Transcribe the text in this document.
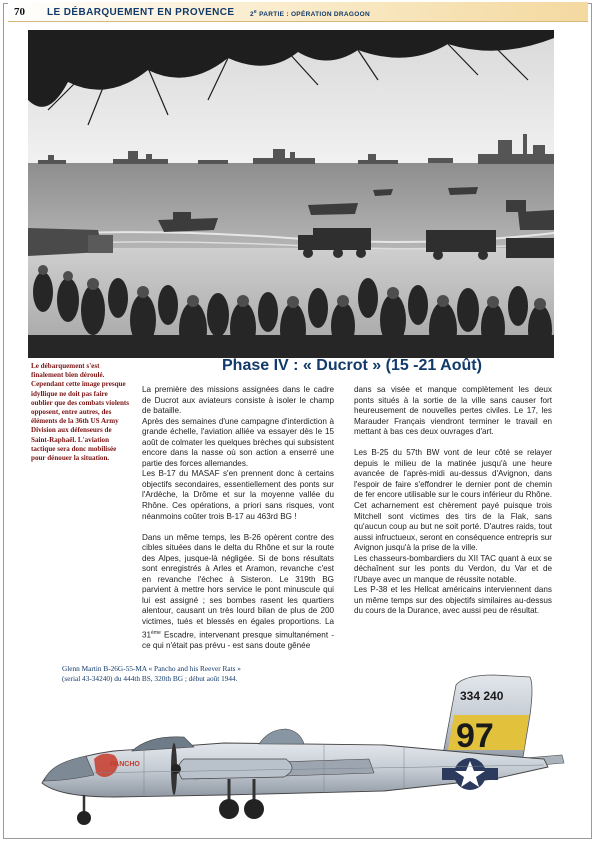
70 LE DÉBARQUEMENT EN PROVENCE 2e PARTIE : OPÉRATION DRAGOON
Le débarquement s'est finalement bien déroulé. Cependant cette image presque idyllique ne doit pas faire oublier que des combats violents opposent, entre autres, des éléments de la 36th US Army Division aux défenseurs de Saint-Raphaël. L'aviation tactique sera donc mobilisée pour dénouer la situation.
Phase IV : « Ducrot » (15 -21 Août)

La première des missions assignées dans le cadre de Ducrot aux aviateurs consiste à isoler le champ de bataille.

Après des semaines d'une campagne d'interdiction à grande échelle, l'aviation alliée va essayer dès le 15 août de colmater les quelques brèches qui subsistent encore dans la nasse où son action a enserré une partie des forces allemandes.

Les B-17 du MASAF s'en prennent donc à certains objectifs secondaires, essentiellement des ponts sur l'Ardèche, la Drôme et sur la moyenne vallée du Rhône. Ces opérations, a priori sans risques, vont néanmoins coûter trois B-17 au 463rd BG !

Dans un même temps, les B-26 opèrent contre des cibles situées dans le delta du Rhône et sur la route des Alpes, jusque-là négligée. Si de bons résultats sont enregistrés à Arles et Aramon, revanche c'est en revanche l'échec à Sisteron. Le 319th BG parvient à mettre hors service le pont minuscule qui lui est assigné ; ses bombes rasent les quartiers alentour, causant un très lourd bilan de plus de 200 victimes, tués et blessés en égales proportions. La 31ème Escadre, intervenant presque simultanément - ce qui n'était pas prévu - est sans doute gênée

dans sa visée et manque complètement les deux ponts situés à la sortie de la ville sans causer fort heureusement de nouvelles pertes civiles. Le 17, les Marauder Français viendront terminer le travail en mettant à bas ces deux ouvrages d'art.

Les B-25 du 57th BW vont de leur côté se relayer depuis le milieu de la matinée jusqu'à une heure avancée de l'après-midi au-dessus d'Avignon, dans l'espoir de faire s'effondrer le dernier pont de chemin de fer encore utilisable sur le cours inférieur du Rhône. Cet acharnement est chèrement payé puisque trois Mitchell sont victimes des tirs de la Flak, sans qu'aucun coup au but ne soit porté. D'autres raids, tout aussi infructueux, seront en conséquence entrepris sur Avignon jusqu'à la prise de la ville.

Les chasseurs-bombardiers du XII TAC quant à eux se déchaînent sur les ponts du Verdon, du Var et de l'Ubaye avec un manque de réussite notable.

Les P-38 et les Hellcat américains interviennent dans un même temps sur des objectifs similaires au-dessus du cours de la Durance, avec aussi peu de résultat.

334 240
97
PANCHO
Glenn Martin B-26G-55-MA « Pancho and his Reever Rats »
(serial 43-34240) du 444th BS, 320th BG ; début août 1944.
